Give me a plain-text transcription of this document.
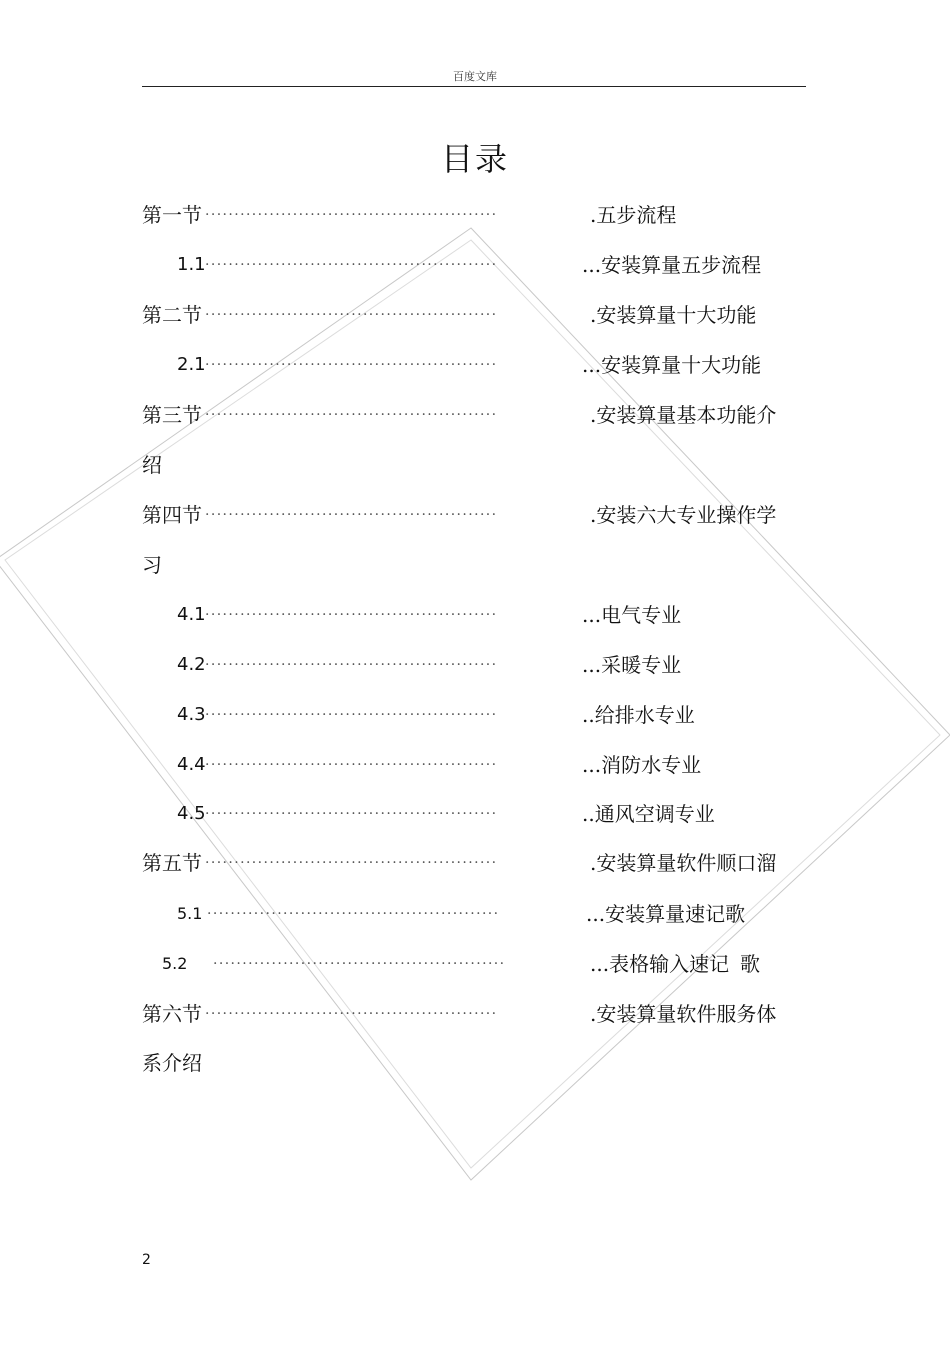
百度文库
目录
第一节 ··················································	.五步流程
1.1 ··················································	...安装算量五步流程
第二节 ··················································	.安装算量十大功能
2.1 ··················································	...安装算量十大功能
第三节 ··················································	.安装算量基本功能介
绍
第四节 ··················································	.安装六大专业操作学
习
4.1 ··················································	...电气专业
4.2 ··················································	...采暖专业
4.3 ··················································	..给排水专业
4.4 ··················································	...消防水专业
4.5 ··················································	..通风空调专业
第五节 ··················································	.安装算量软件顺口溜
5.1 ··················································	...安装算量速记歌
5.2 ··················································	...表格输入速记 歌
第六节 ··················································	.安装算量软件服务体
系介绍
2
